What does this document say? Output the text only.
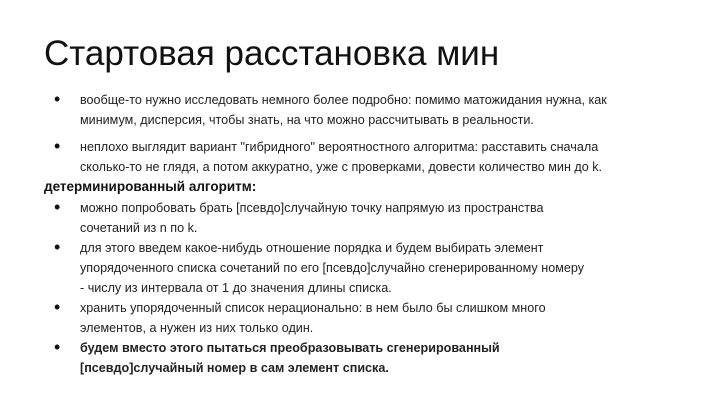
Стартовая расстановка мин
• вообще-то нужно исследовать немного более подробно: помимо матожидания нужна, как
минимум, дисперсия, чтобы знать, на что можно рассчитывать в реальности.
• неплохо выглядит вариант "гибридного" вероятностного алгоритма: расставить сначала
сколько-то не глядя, а потом аккуратно, уже с проверками, довести количество мин до k.
детерминированный алгоритм:
• можно попробовать брать [псевдо]случайную точку напрямую из пространства
сочетаний из n по k.
• для этого введем какое-нибудь отношение порядка и будем выбирать элемент
упорядоченного списка сочетаний по его [псевдо]случайно сгенерированному номеру
- числу из интервала от 1 до значения длины списка.
• хранить упорядоченный список нерационально: в нем было бы слишком много
элементов, а нужен из них только один.
• будем вместо этого пытаться преобразовывать сгенерированный
[псевдо]случайный номер в сам элемент списка.
